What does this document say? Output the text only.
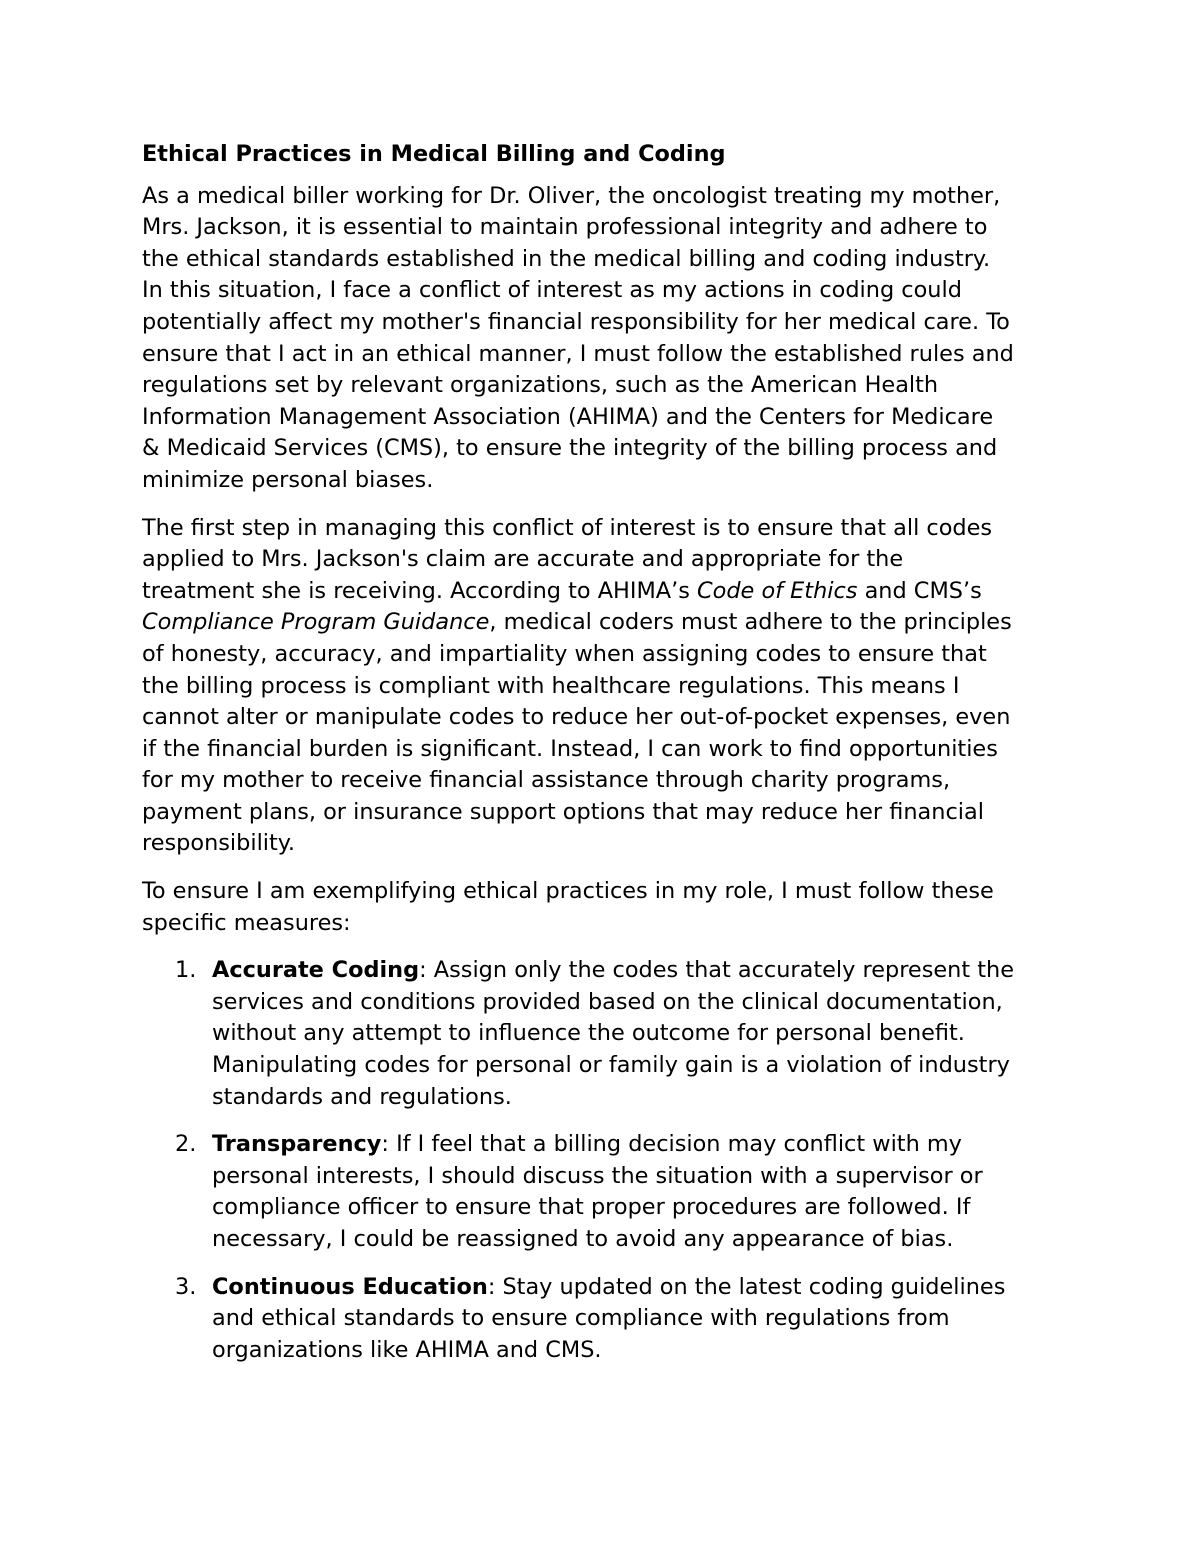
Ethical Practices in Medical Billing and Coding
As a medical biller working for Dr. Oliver, the oncologist treating my mother,
Mrs. Jackson, it is essential to maintain professional integrity and adhere to
the ethical standards established in the medical billing and coding industry.
In this situation, I face a conflict of interest as my actions in coding could
potentially affect my mother's financial responsibility for her medical care. To
ensure that I act in an ethical manner, I must follow the established rules and
regulations set by relevant organizations, such as the American Health
Information Management Association (AHIMA) and the Centers for Medicare
& Medicaid Services (CMS), to ensure the integrity of the billing process and
minimize personal biases.
The first step in managing this conflict of interest is to ensure that all codes
applied to Mrs. Jackson's claim are accurate and appropriate for the
treatment she is receiving. According to AHIMA’s Code of Ethics and CMS’s
Compliance Program Guidance, medical coders must adhere to the principles
of honesty, accuracy, and impartiality when assigning codes to ensure that
the billing process is compliant with healthcare regulations. This means I
cannot alter or manipulate codes to reduce her out-of-pocket expenses, even
if the financial burden is significant. Instead, I can work to find opportunities
for my mother to receive financial assistance through charity programs,
payment plans, or insurance support options that may reduce her financial
responsibility.
To ensure I am exemplifying ethical practices in my role, I must follow these
specific measures:
1. Accurate Coding: Assign only the codes that accurately represent the
services and conditions provided based on the clinical documentation,
without any attempt to influence the outcome for personal benefit.
Manipulating codes for personal or family gain is a violation of industry
standards and regulations.
2. Transparency: If I feel that a billing decision may conflict with my
personal interests, I should discuss the situation with a supervisor or
compliance officer to ensure that proper procedures are followed. If
necessary, I could be reassigned to avoid any appearance of bias.
3. Continuous Education: Stay updated on the latest coding guidelines
and ethical standards to ensure compliance with regulations from
organizations like AHIMA and CMS.
